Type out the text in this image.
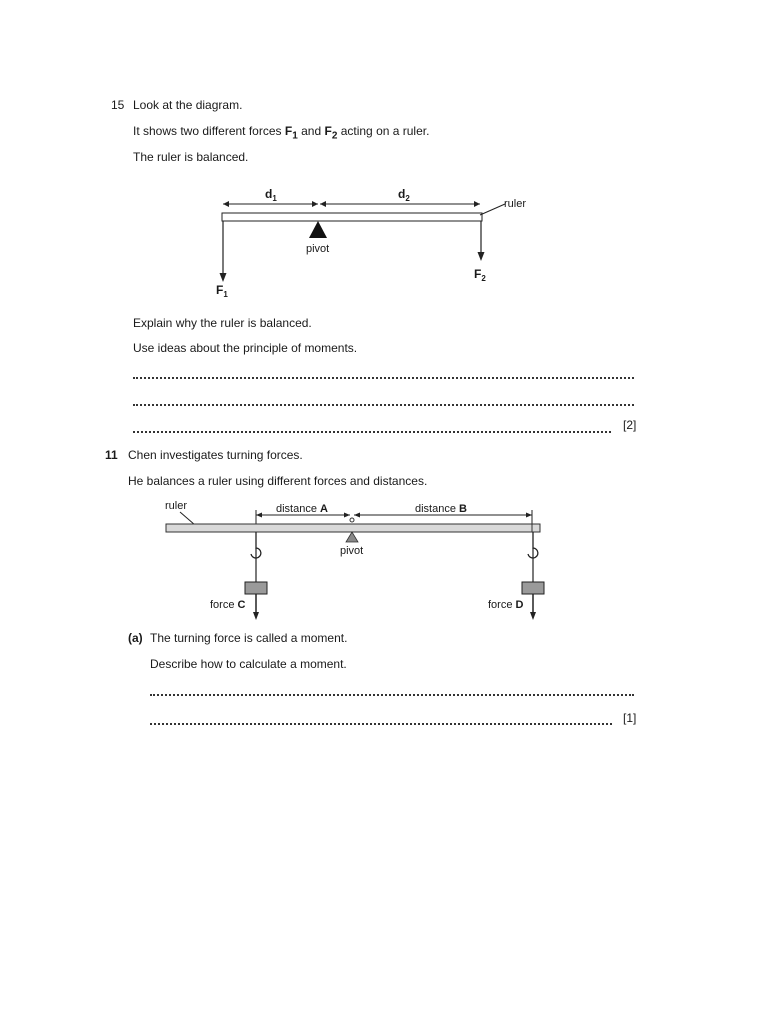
15 Look at the diagram.
It shows two different forces $F_1$ and $F_2$ acting on a ruler.
The ruler is balanced.
$d_1$	$d_2$	ruler
pivot
$F_1$
$F_2$
Explain why the ruler is balanced.
Use ideas about the principle of moments.
[2]
11 Chen investigates turning forces.
He balances a ruler using different forces and distances.
ruler	distance A	distance B
pivot
force C	force D
(a) The turning force is called a moment.
Describe how to calculate a moment.
[1]
